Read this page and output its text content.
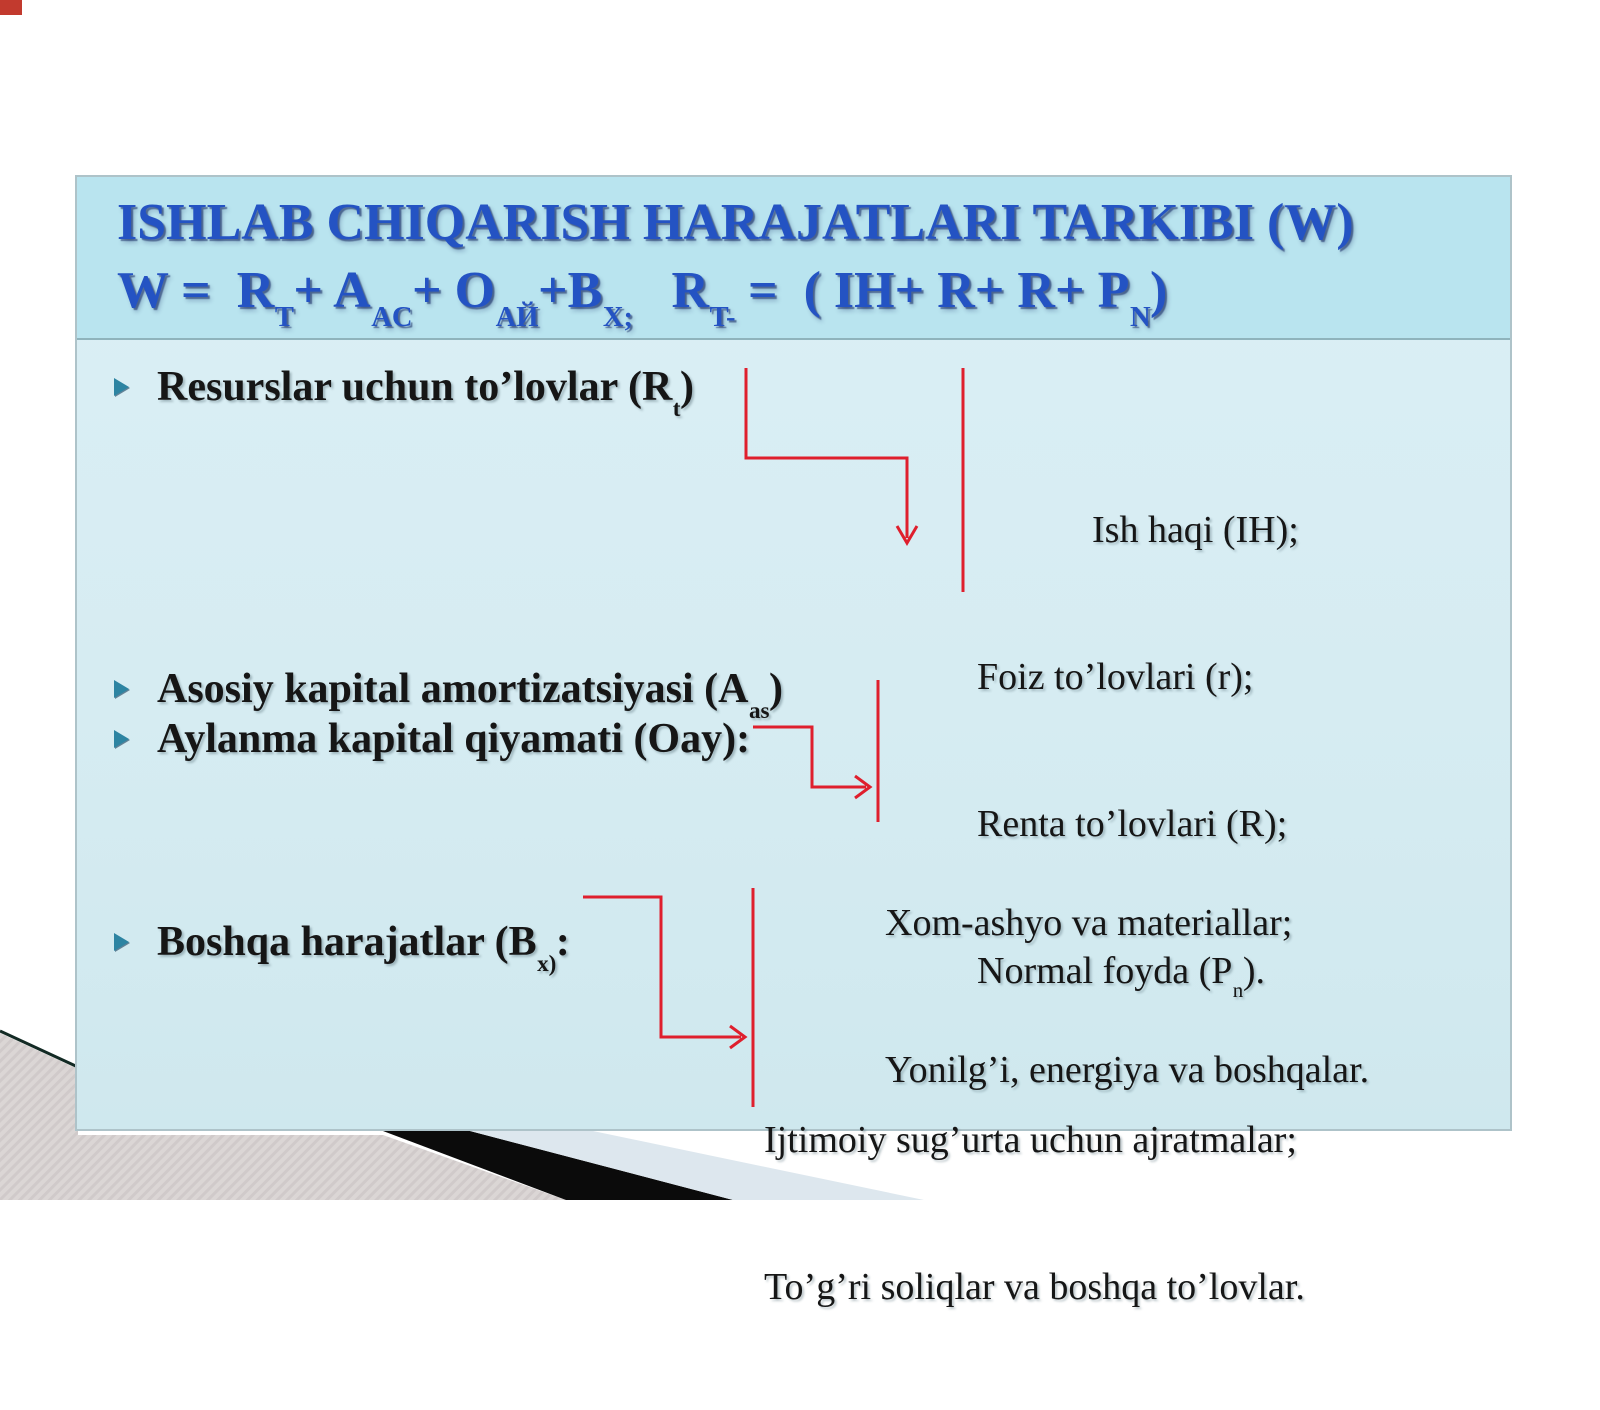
ISHLAB CHIQARISH HARAJATLARI TARKIBI (W)
$W = R_T+ A_{AC}+ O_{АЙ}+B_{X;}$   $R_{T-}$ =  ( $IH+ R+ R+ P_N$)
Resurslar uchun to’lovlar $(R_t)$

Ish haqi (IH);

Foiz to’lovlari (r);

Renta to’lovlari (R);

Normal foyda $(P_n)$.

Asosiy kapital amortizatsiyasi $(A_{as})$
Aylanma kapital qiyamati (Oay):

Xom-ashyo va materiallar;

Yonilg’i, energiya va boshqalar.

Boshqa harajatlar ($B_{x)}$:

Ijtimoiy sug’urta uchun ajratmalar;

To’g’ri soliqlar va boshqa to’lovlar.
